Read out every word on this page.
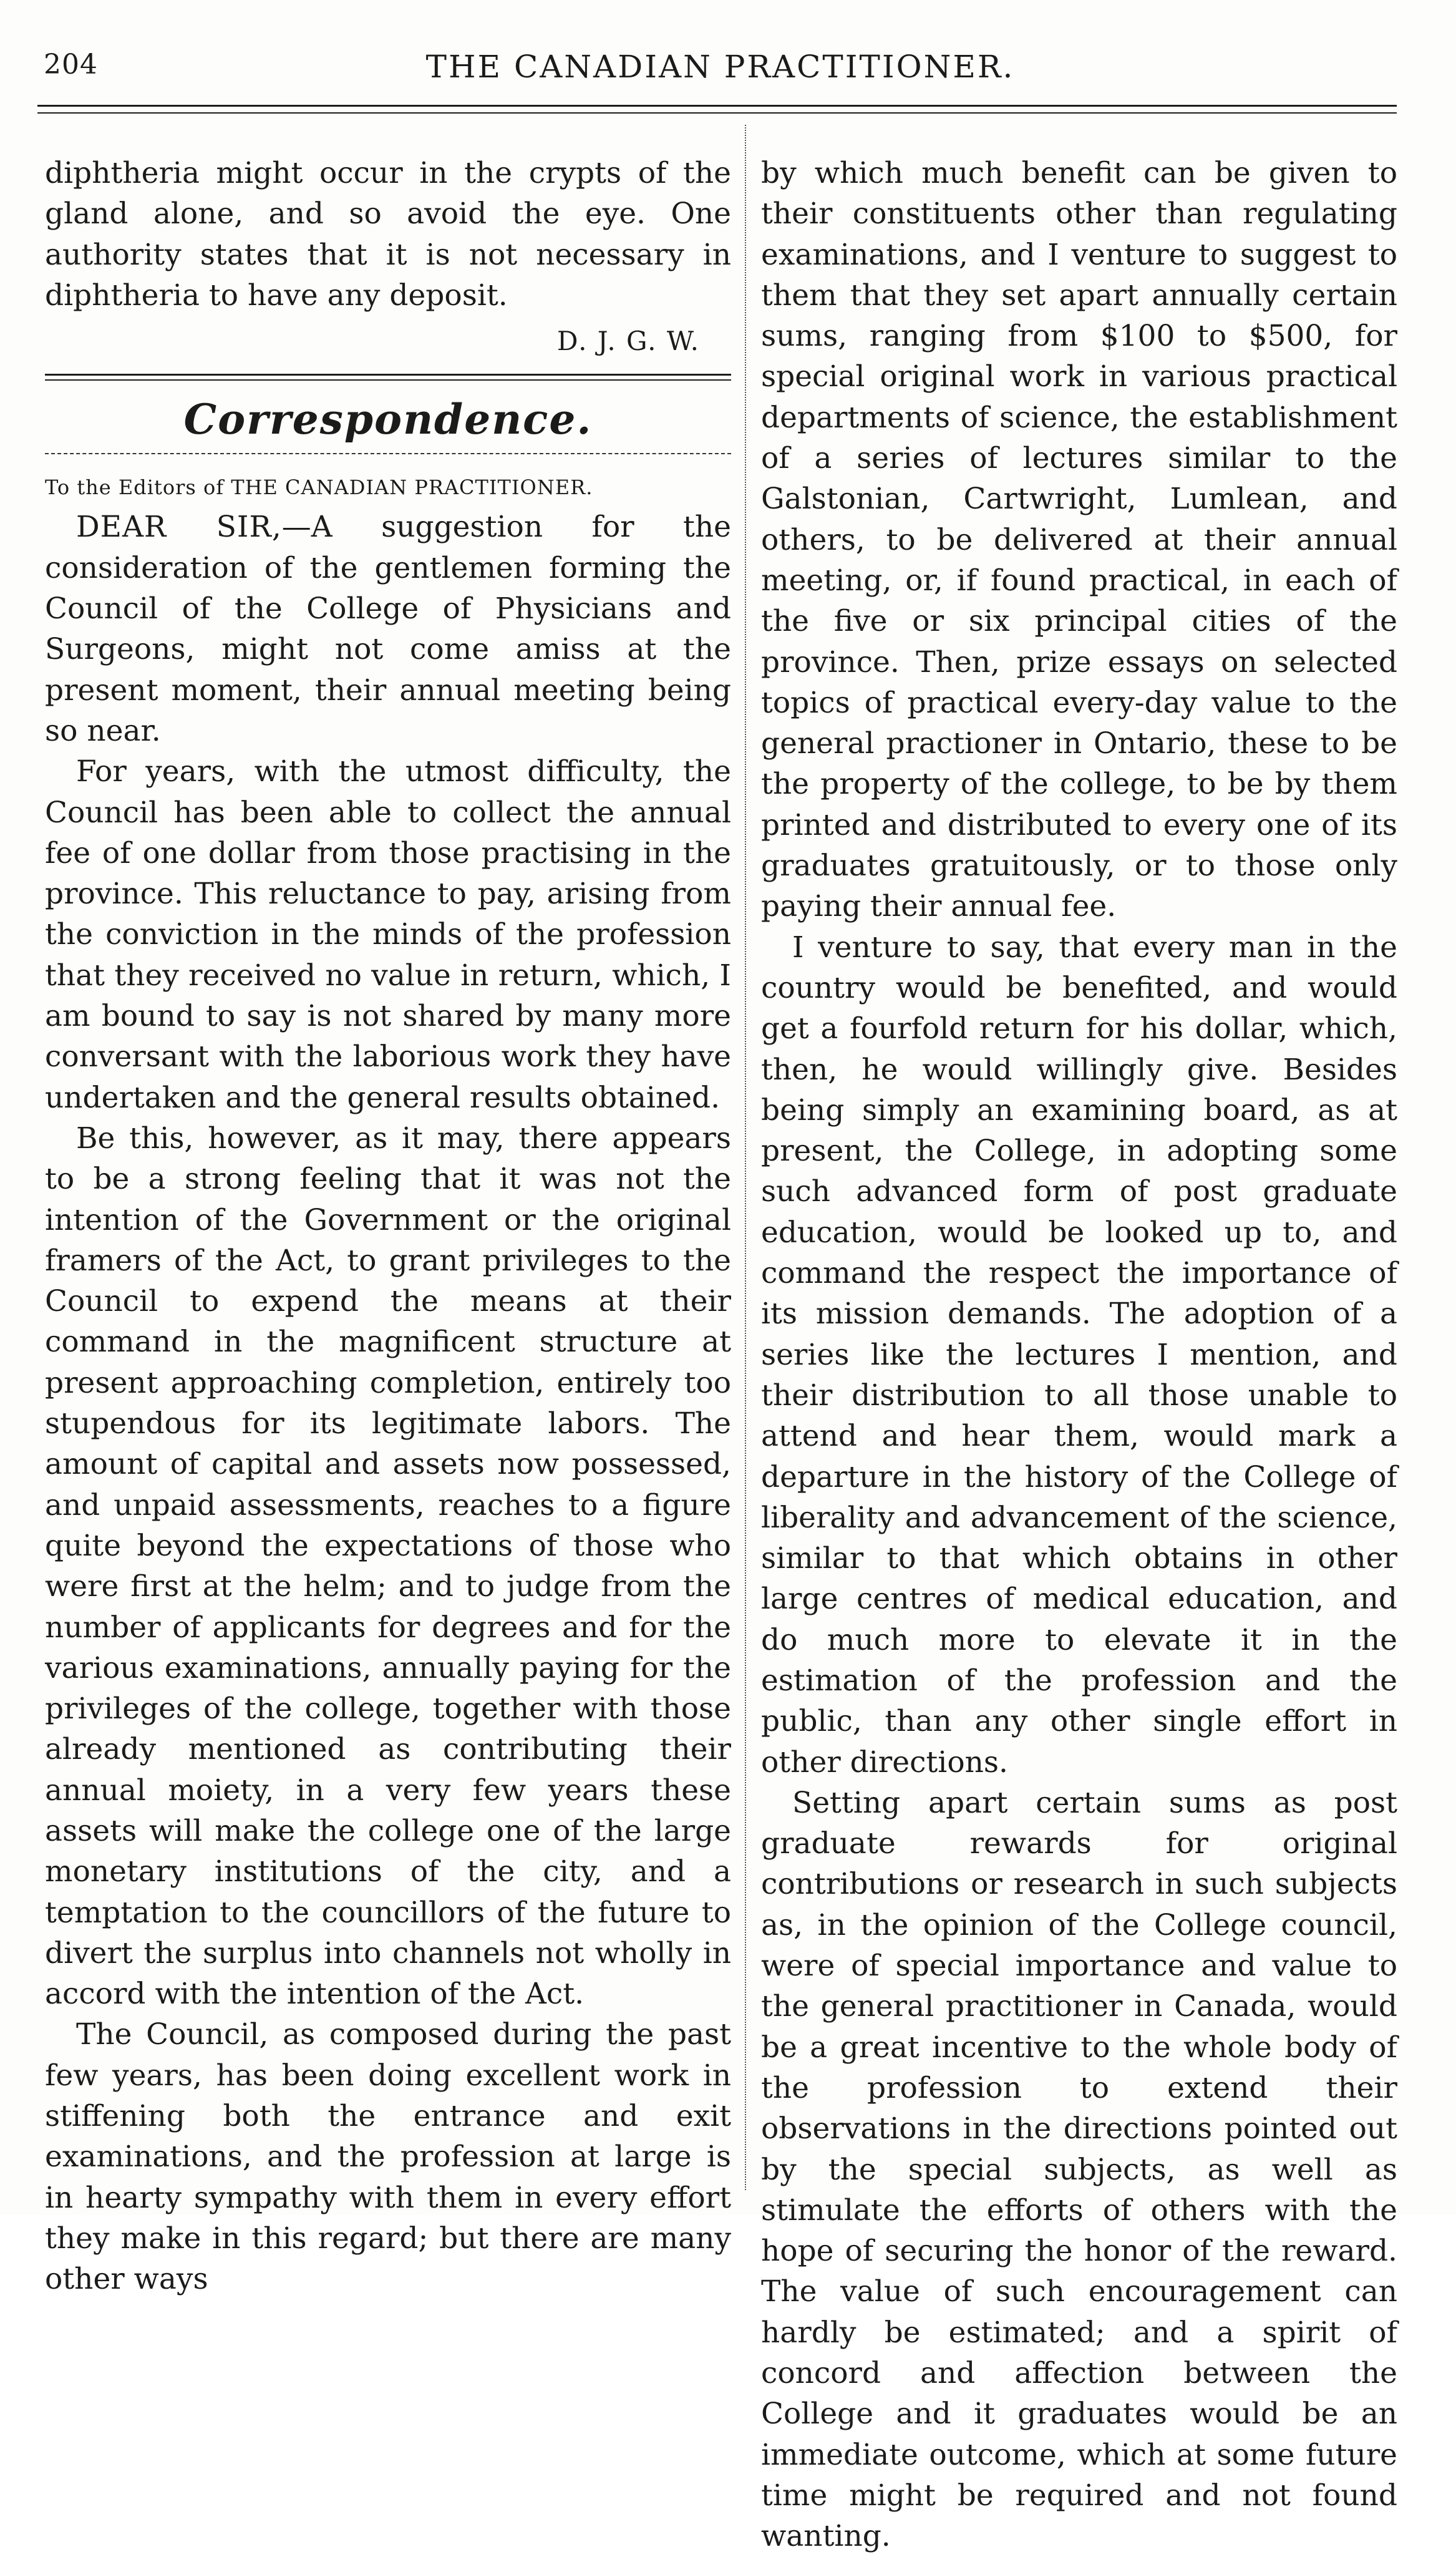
204	THE CANADIAN PRACTITIONER.

diphtheria might occur in the crypts of the gland alone, and so avoid the eye. One authority states that it is not necessary in diphtheria to have any deposit.

D. J. G. W.
Correspondence.
To the Editors of THE CANADIAN PRACTITIONER.

DEAR SIR,—A suggestion for the consideration of the gentlemen forming the Council of the College of Physicians and Surgeons, might not come amiss at the present moment, their annual meeting being so near.

For years, with the utmost difficulty, the Council has been able to collect the annual fee of one dollar from those practising in the province. This reluctance to pay, arising from the conviction in the minds of the profession that they received no value in return, which, I am bound to say is not shared by many more conversant with the laborious work they have undertaken and the general results obtained.

Be this, however, as it may, there appears to be a strong feeling that it was not the intention of the Government or the original framers of the Act, to grant privileges to the Council to expend the means at their command in the magnificent structure at present approaching completion, entirely too stupendous for its legitimate labors. The amount of capital and assets now possessed, and unpaid assessments, reaches to a figure quite beyond the expectations of those who were first at the helm; and to judge from the number of applicants for degrees and for the various examinations, annually paying for the privileges of the college, together with those already mentioned as contributing their annual moiety, in a very few years these assets will make the college one of the large monetary institutions of the city, and a temptation to the councillors of the future to divert the surplus into channels not wholly in accord with the intention of the Act.

The Council, as composed during the past few years, has been doing excellent work in stiffening both the entrance and exit examinations, and the profession at large is in hearty sympathy with them in every effort they make in this regard; but there are many other ways

by which much benefit can be given to their constituents other than regulating examinations, and I venture to suggest to them that they set apart annually certain sums, ranging from $100 to $500, for special original work in various practical departments of science, the establishment of a series of lectures similar to the Galstonian, Cartwright, Lumlean, and others, to be delivered at their annual meeting, or, if found practical, in each of the five or six principal cities of the province. Then, prize essays on selected topics of practical every-day value to the general practioner in Ontario, these to be the property of the college, to be by them printed and distributed to every one of its graduates gratuitously, or to those only paying their annual fee.

I venture to say, that every man in the country would be benefited, and would get a fourfold return for his dollar, which, then, he would willingly give. Besides being simply an examining board, as at present, the College, in adopting some such advanced form of post graduate education, would be looked up to, and command the respect the importance of its mission demands. The adoption of a series like the lectures I mention, and their distribution to all those unable to attend and hear them, would mark a departure in the history of the College of liberality and advancement of the science, similar to that which obtains in other large centres of medical education, and do much more to elevate it in the estimation of the profession and the public, than any other single effort in other directions.

Setting apart certain sums as post graduate rewards for original contributions or research in such subjects as, in the opinion of the College council, were of special importance and value to the general practitioner in Canada, would be a great incentive to the whole body of the profession to extend their observations in the directions pointed out by the special subjects, as well as stimulate the efforts of others with the hope of securing the honor of the reward. The value of such encouragement can hardly be estimated; and a spirit of concord and affection between the College and it graduates would be an immediate outcome, which at some future time might be required and not found wanting.
